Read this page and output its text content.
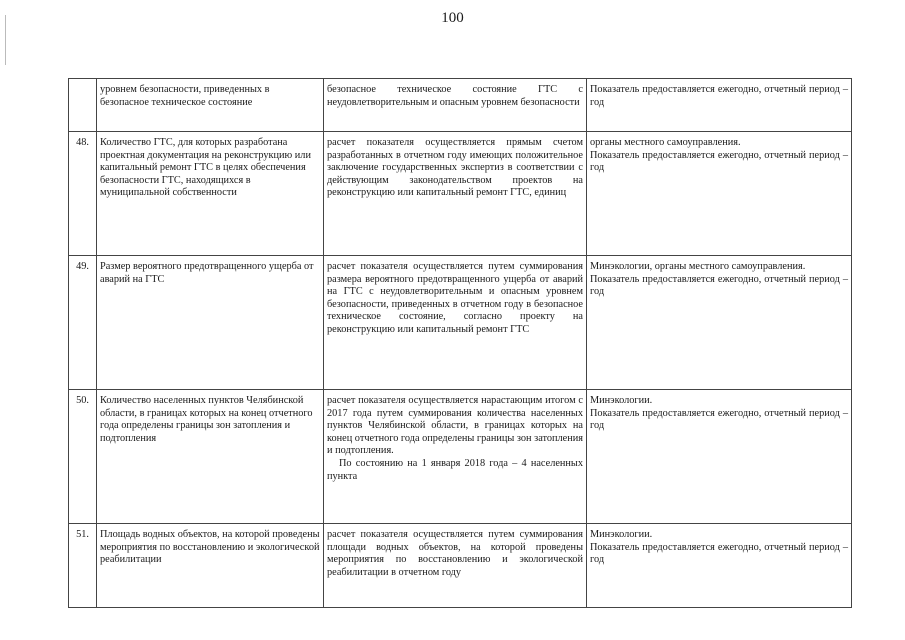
100
	уровнем безопасности, приведенных в безопасное техническое состояние	безопасное техническое состояние ГТС с неудовлетворительным и опасным уровнем безопасности	Показатель предоставляется ежегодно, отчетный период – год

48.	Количество ГТС, для которых разработана проектная документация на реконструкцию или капитальный ремонт ГТС в целях обеспечения безопасности ГТС, находящихся в муниципальной собственности	расчет показателя осуществляется прямым счетом разработанных в отчетном году имеющих положительное заключение государственных экспертиз в соответствии с действующим законодательством проектов на реконструкцию или капитальный ремонт ГТС, единиц	органы местного самоуправления.
Показатель предоставляется ежегодно, отчетный период – год

49.	Размер вероятного предотвращенного ущерба от аварий на ГТС	расчет показателя осуществляется путем суммирования размера вероятного предотвращенного ущерба от аварий на ГТС с неудовлетворительным и опасным уровнем безопасности, приведенных в отчетном году в безопасное техническое состояние, согласно проекту на реконструкцию или капитальный ремонт ГТС	Минэкологии, органы местного самоуправления.
Показатель предоставляется ежегодно, отчетный период – год

50.	Количество населенных пунктов Челябинской области, в границах которых на конец отчетного года определены границы зон затопления и подтопления	расчет показателя осуществляется нарастающим итогом с 2017 года путем суммирования количества населенных пунктов Челябинской области, в границах которых на конец отчетного года определены границы зон затопления и подтопления.
По состоянию на 1 января 2018 года – 4 населенных пункта	Минэкологии.
Показатель предоставляется ежегодно, отчетный период – год

51.	Площадь водных объектов, на которой проведены мероприятия по восстановлению и экологической реабилитации	расчет показателя осуществляется путем суммирования площади водных объектов, на которой проведены мероприятия по восстановлению и экологической реабилитации в отчетном году	Минэкологии.
Показатель предоставляется ежегодно, отчетный период – год
